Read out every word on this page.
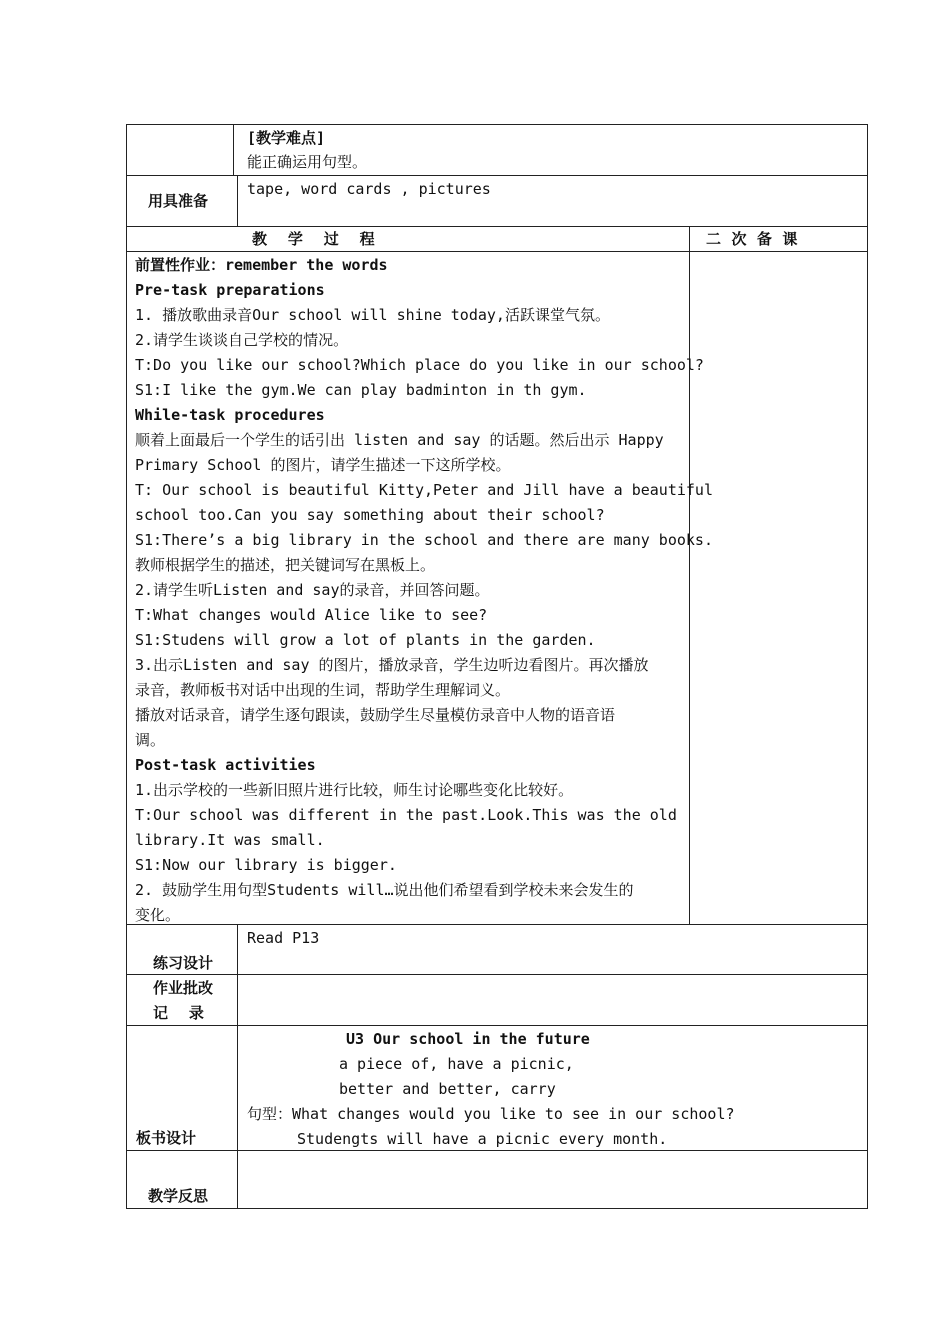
[教学难点]
能正确运用句型。
用具准备
tape, word cards , pictures
教    学    过    程	二  次  备  课
前置性作业：remember the words
Pre-task preparations
1. 播放歌曲录音Our school will shine today,活跃课堂气氛。
2.请学生谈谈自己学校的情况。
T:Do you like our school?Which place do you like in our school?
S1:I like the gym.We can play badminton in th gym.
While-task procedures
顺着上面最后一个学生的话引出 listen and say 的话题。然后出示 Happy
Primary School 的图片，请学生描述一下这所学校。
T: Our school is beautiful Kitty,Peter and Jill have a beautiful
school too.Can you say something about their school?
S1:There’s a big library in the school and there are many books.
教师根据学生的描述，把关键词写在黑板上。
2.请学生听Listen and say的录音，并回答问题。
T:What changes would Alice like to see?
S1:Studens will grow a lot of plants in the garden.
3.出示Listen and say 的图片，播放录音，学生边听边看图片。再次播放
录音，教师板书对话中出现的生词，帮助学生理解词义。
播放对话录音，请学生逐句跟读，鼓励学生尽量模仿录音中人物的语音语
调。
Post-task activities
1.出示学校的一些新旧照片进行比较，师生讨论哪些变化比较好。
T:Our school was different in the past.Look.This was the old
library.It was small.
S1:Now our library is bigger.
2. 鼓励学生用句型Students will…说出他们希望看到学校未来会发生的
变化。
练习设计
Read P13
作业批改
记    录
板书设计
U3 Our school in the future
a piece of, have a picnic,
better and better, carry
句型：What changes would you like to see in our school?
Studengts will have a picnic every month.
教学反思
